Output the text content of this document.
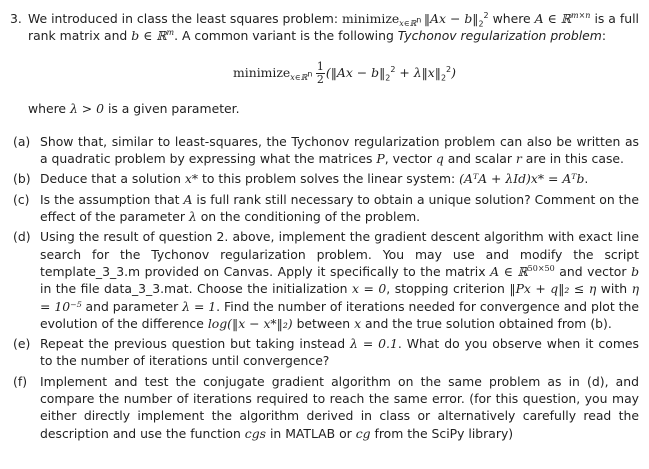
3. We introduced in class the least squares problem: minimize$_{x\in ℝ^n}$  ‖Ax − $b‖_2^2$ where A ∈ ℝ$^{m\times n}$ is a full rank matrix and b ∈ ℝ$^m$. A common variant is the following Tychonov regularization problem:
minimize$_{x\in ℝ^n}$  $\frac{1}{2}$ (‖Ax − $b‖_2^2$ + $\lambda‖x‖_2^2$)
where λ > 0 is a given parameter.
(a) Show that, similar to least-squares, the Tychonov regularization problem can also be written as a quadratic problem by expressing what the matrices P, vector q and scalar r are in this case.
(b) Deduce that a solution x* to this problem solves the linear system: (AᵀA + λId)x* = Aᵀb.
(c) Is the assumption that A is full rank still necessary to obtain a unique solution? Comment on the effect of the parameter λ on the conditioning of the problem.
(d) Using the result of question 2. above, implement the gradient descent algorithm with exact line search for the Tychonov regularization problem. You may use and modify the script template_3_3.m provided on Canvas. Apply it specifically to the matrix A ∈ ℝ$^{50\times 50}$ and vector b in the file data_3_3.mat. Choose the initialization x = 0, stopping criterion ‖Px + q‖₂ ≤ η with η = 10⁻⁵ and parameter λ = 1. Find the number of iterations needed for convergence and plot the evolution of the difference log(‖x − x*‖₂) between x and the true solution obtained from (b).
(e) Repeat the previous question but taking instead λ = 0.1. What do you observe when it comes to the number of iterations until convergence?
(f)	Implement and test the conjugate gradient algorithm on the same problem as in (d), and compare the number of iterations required to reach the same error. (for this question, you may either directly implement the algorithm derived in class or alternatively carefully read the description and use the function cgs in MATLAB or cg from the SciPy library)
